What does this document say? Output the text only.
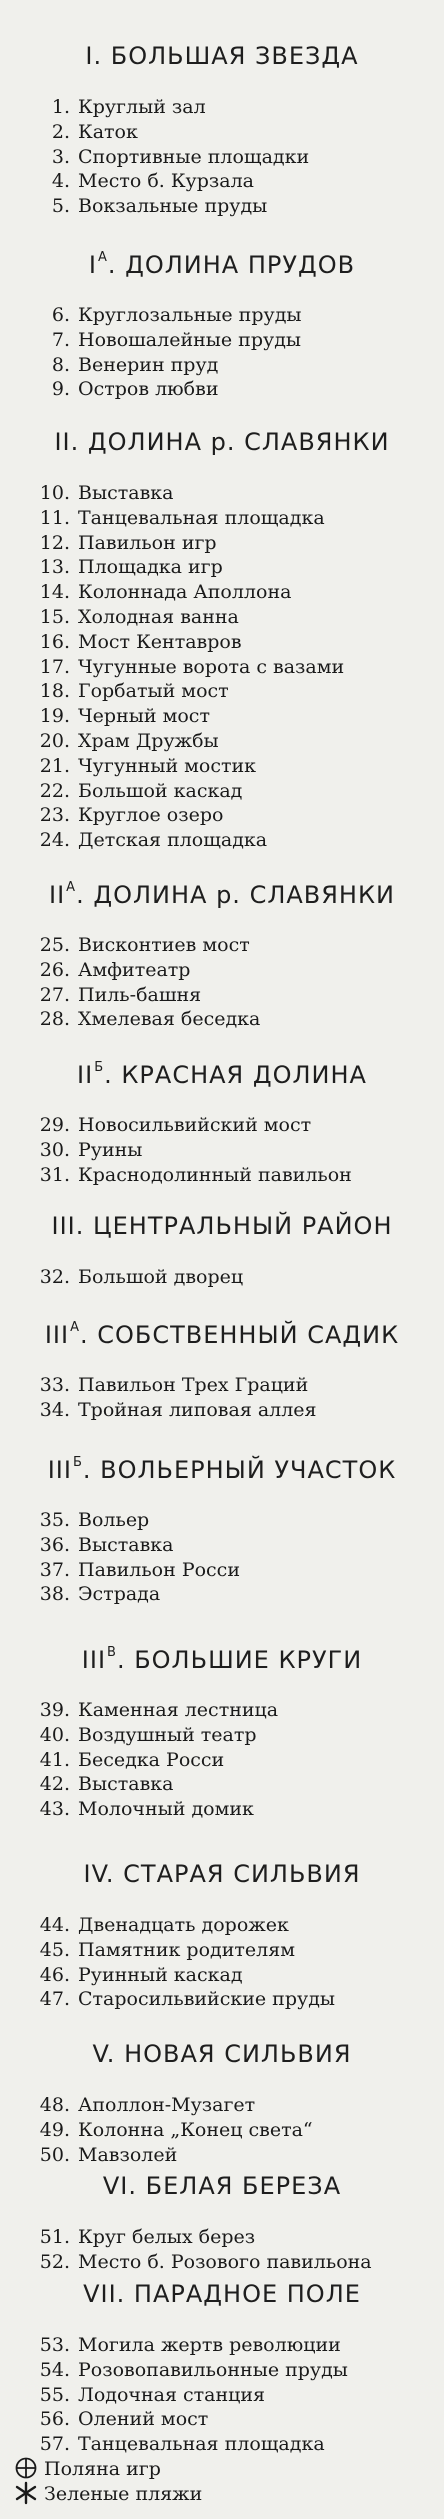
I. БОЛЬШАЯ ЗВЕЗДА
1. Круглый зал
2. Каток
3. Спортивные площадки
4. Место б. Курзала
5. Вокзальные пруды
$I^А$. ДОЛИНА ПРУДОВ
6. Круглозальные пруды
7. Новошалейные пруды
8. Венерин пруд
9. Остров любви
II. ДОЛИНА р. СЛАВЯНКИ
10. Выставка
11. Танцевальная площадка
12. Павильон игр
13. Площадка игр
14. Колоннада Аполлона
15. Холодная ванна
16. Мост Кентавров
17. Чугунные ворота с вазами
18. Горбатый мост
19. Черный мост
20. Храм Дружбы
21. Чугунный мостик
22. Большой каскад
23. Круглое озеро
24. Детская площадка
$II^А$. ДОЛИНА р. СЛАВЯНКИ
25. Висконтиев мост
26. Амфитеатр
27. Пиль-башня
28. Хмелевая беседка
$II^Б$. КРАСНАЯ ДОЛИНА
29. Новосильвийский мост
30. Руины
31. Краснодолинный павильон
III. ЦЕНТРАЛЬНЫЙ РАЙОН
32. Большой дворец
$III^А$. СОБСТВЕННЫЙ САДИК
33. Павильон Трех Граций
34. Тройная липовая аллея
$III^Б$. ВОЛЬЕРНЫЙ УЧАСТОК
35. Вольер
36. Выставка
37. Павильон Росси
38. Эстрада
$III^В$. БОЛЬШИЕ КРУГИ
39. Каменная лестница
40. Воздушный театр
41. Беседка Росси
42. Выставка
43. Молочный домик
IV. СТАРАЯ СИЛЬВИЯ
44. Двенадцать дорожек
45. Памятник родителям
46. Руинный каскад
47. Старосильвийские пруды
V. НОВАЯ СИЛЬВИЯ
48. Аполлон-Музагет
49. Колонна „Конец света“
50. Мавзолей
VI. БЕЛАЯ БЕРЕЗА
51. Круг белых берез
52. Место б. Розового павильона
VII. ПАРАДНОЕ ПОЛЕ
53. Могила жертв революции
54. Розовопавильонные пруды
55. Лодочная станция
56. Олений мост
57. Танцевальная площадка
Поляна игр
Зеленые пляжи
